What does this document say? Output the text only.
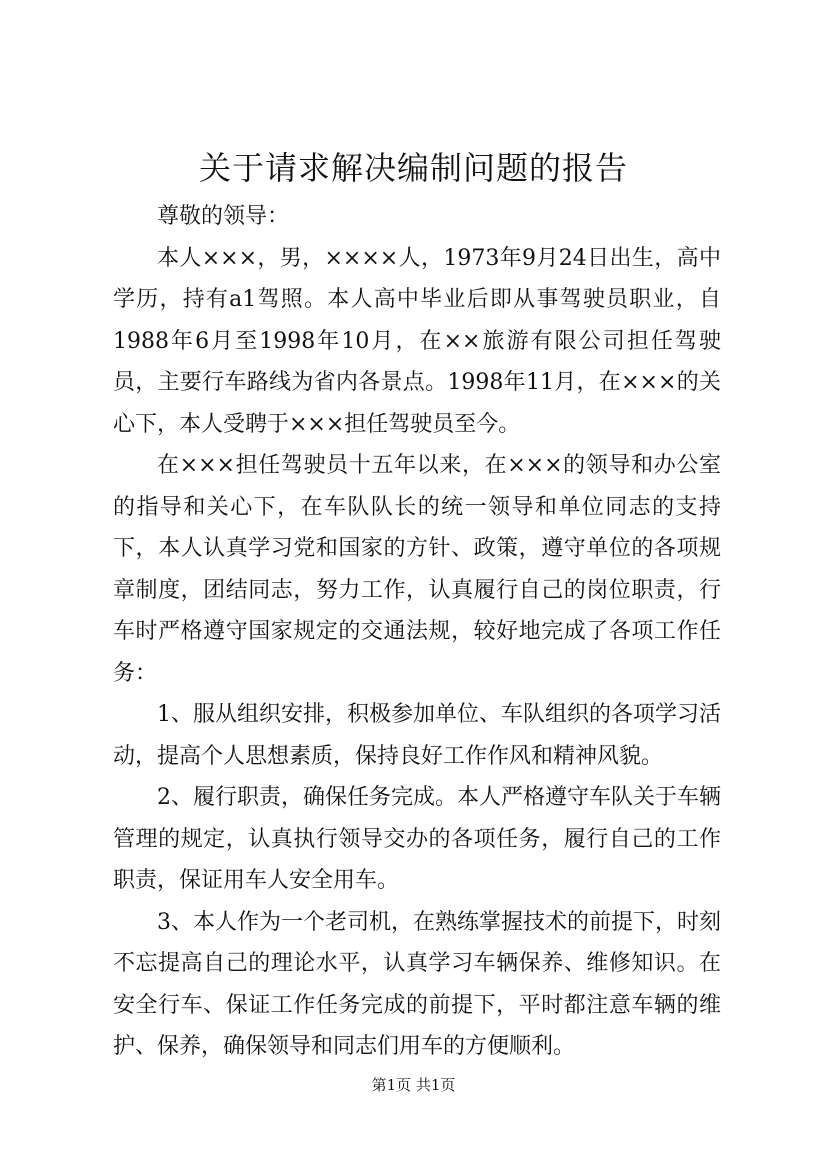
关于请求解决编制问题的报告

尊敬的领导：

本人×××，男，××××人，1973年9月24日出生，高中学历，持有a1驾照。本人高中毕业后即从事驾驶员职业，自1988年6月至1998年10月，在××旅游有限公司担任驾驶员，主要行车路线为省内各景点。1998年11月，在×××的关心下，本人受聘于×××担任驾驶员至今。

在×××担任驾驶员十五年以来，在×××的领导和办公室的指导和关心下，在车队队长的统一领导和单位同志的支持下，本人认真学习党和国家的方针、政策，遵守单位的各项规章制度，团结同志，努力工作，认真履行自己的岗位职责，行车时严格遵守国家规定的交通法规，较好地完成了各项工作任务：

1、服从组织安排，积极参加单位、车队组织的各项学习活动，提高个人思想素质，保持良好工作作风和精神风貌。

2、履行职责，确保任务完成。本人严格遵守车队关于车辆管理的规定，认真执行领导交办的各项任务，履行自己的工作职责，保证用车人安全用车。

3、本人作为一个老司机，在熟练掌握技术的前提下，时刻不忘提高自己的理论水平，认真学习车辆保养、维修知识。在安全行车、保证工作任务完成的前提下，平时都注意车辆的维护、保养，确保领导和同志们用车的方便顺利。

第1页 共1页
